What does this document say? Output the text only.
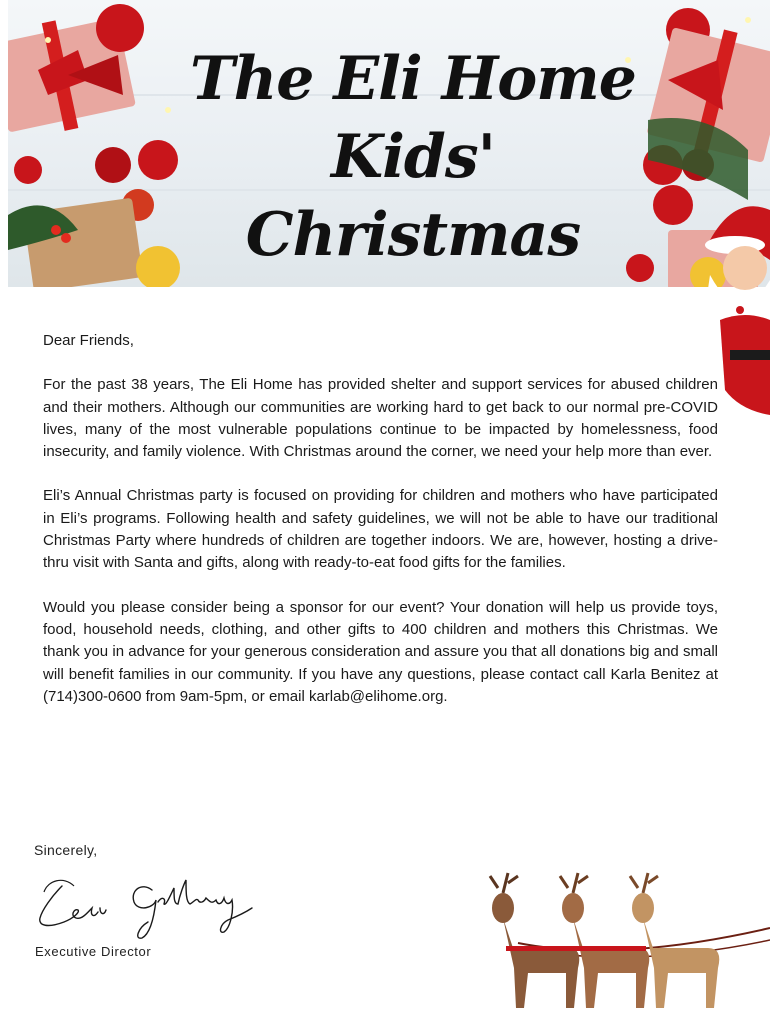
The Eli Home
Kids' Christmas

Dear Friends,

For the past 38 years, The Eli Home has provided shelter and support services for abused children and their mothers. Although our communities are working hard to get back to our normal pre-COVID lives, many of the most vulnerable populations continue to be impacted by homelessness, food insecurity, and family violence. With Christmas around the corner, we need your help more than ever.

Eli’s Annual Christmas party is focused on providing for children and mothers who have participated in Eli’s programs. Following health and safety guidelines, we will not be able to have our traditional Christmas Party where hundreds of children are together indoors. We are, however, hosting a drive-thru visit with Santa and gifts, along with ready-to-eat food gifts for the families.

Would you please consider being a sponsor for our event? Your donation will help us provide toys, food, household needs, clothing, and other gifts to 400 children and mothers this Christmas. We thank you in advance for your generous consideration and assure you that all donations big and small will benefit families in our community. If you have any questions, please contact call Karla Benitez at (714)300-0600 from 9am-5pm, or email karlab@elihome.org.

Sincerely,
Executive Director
